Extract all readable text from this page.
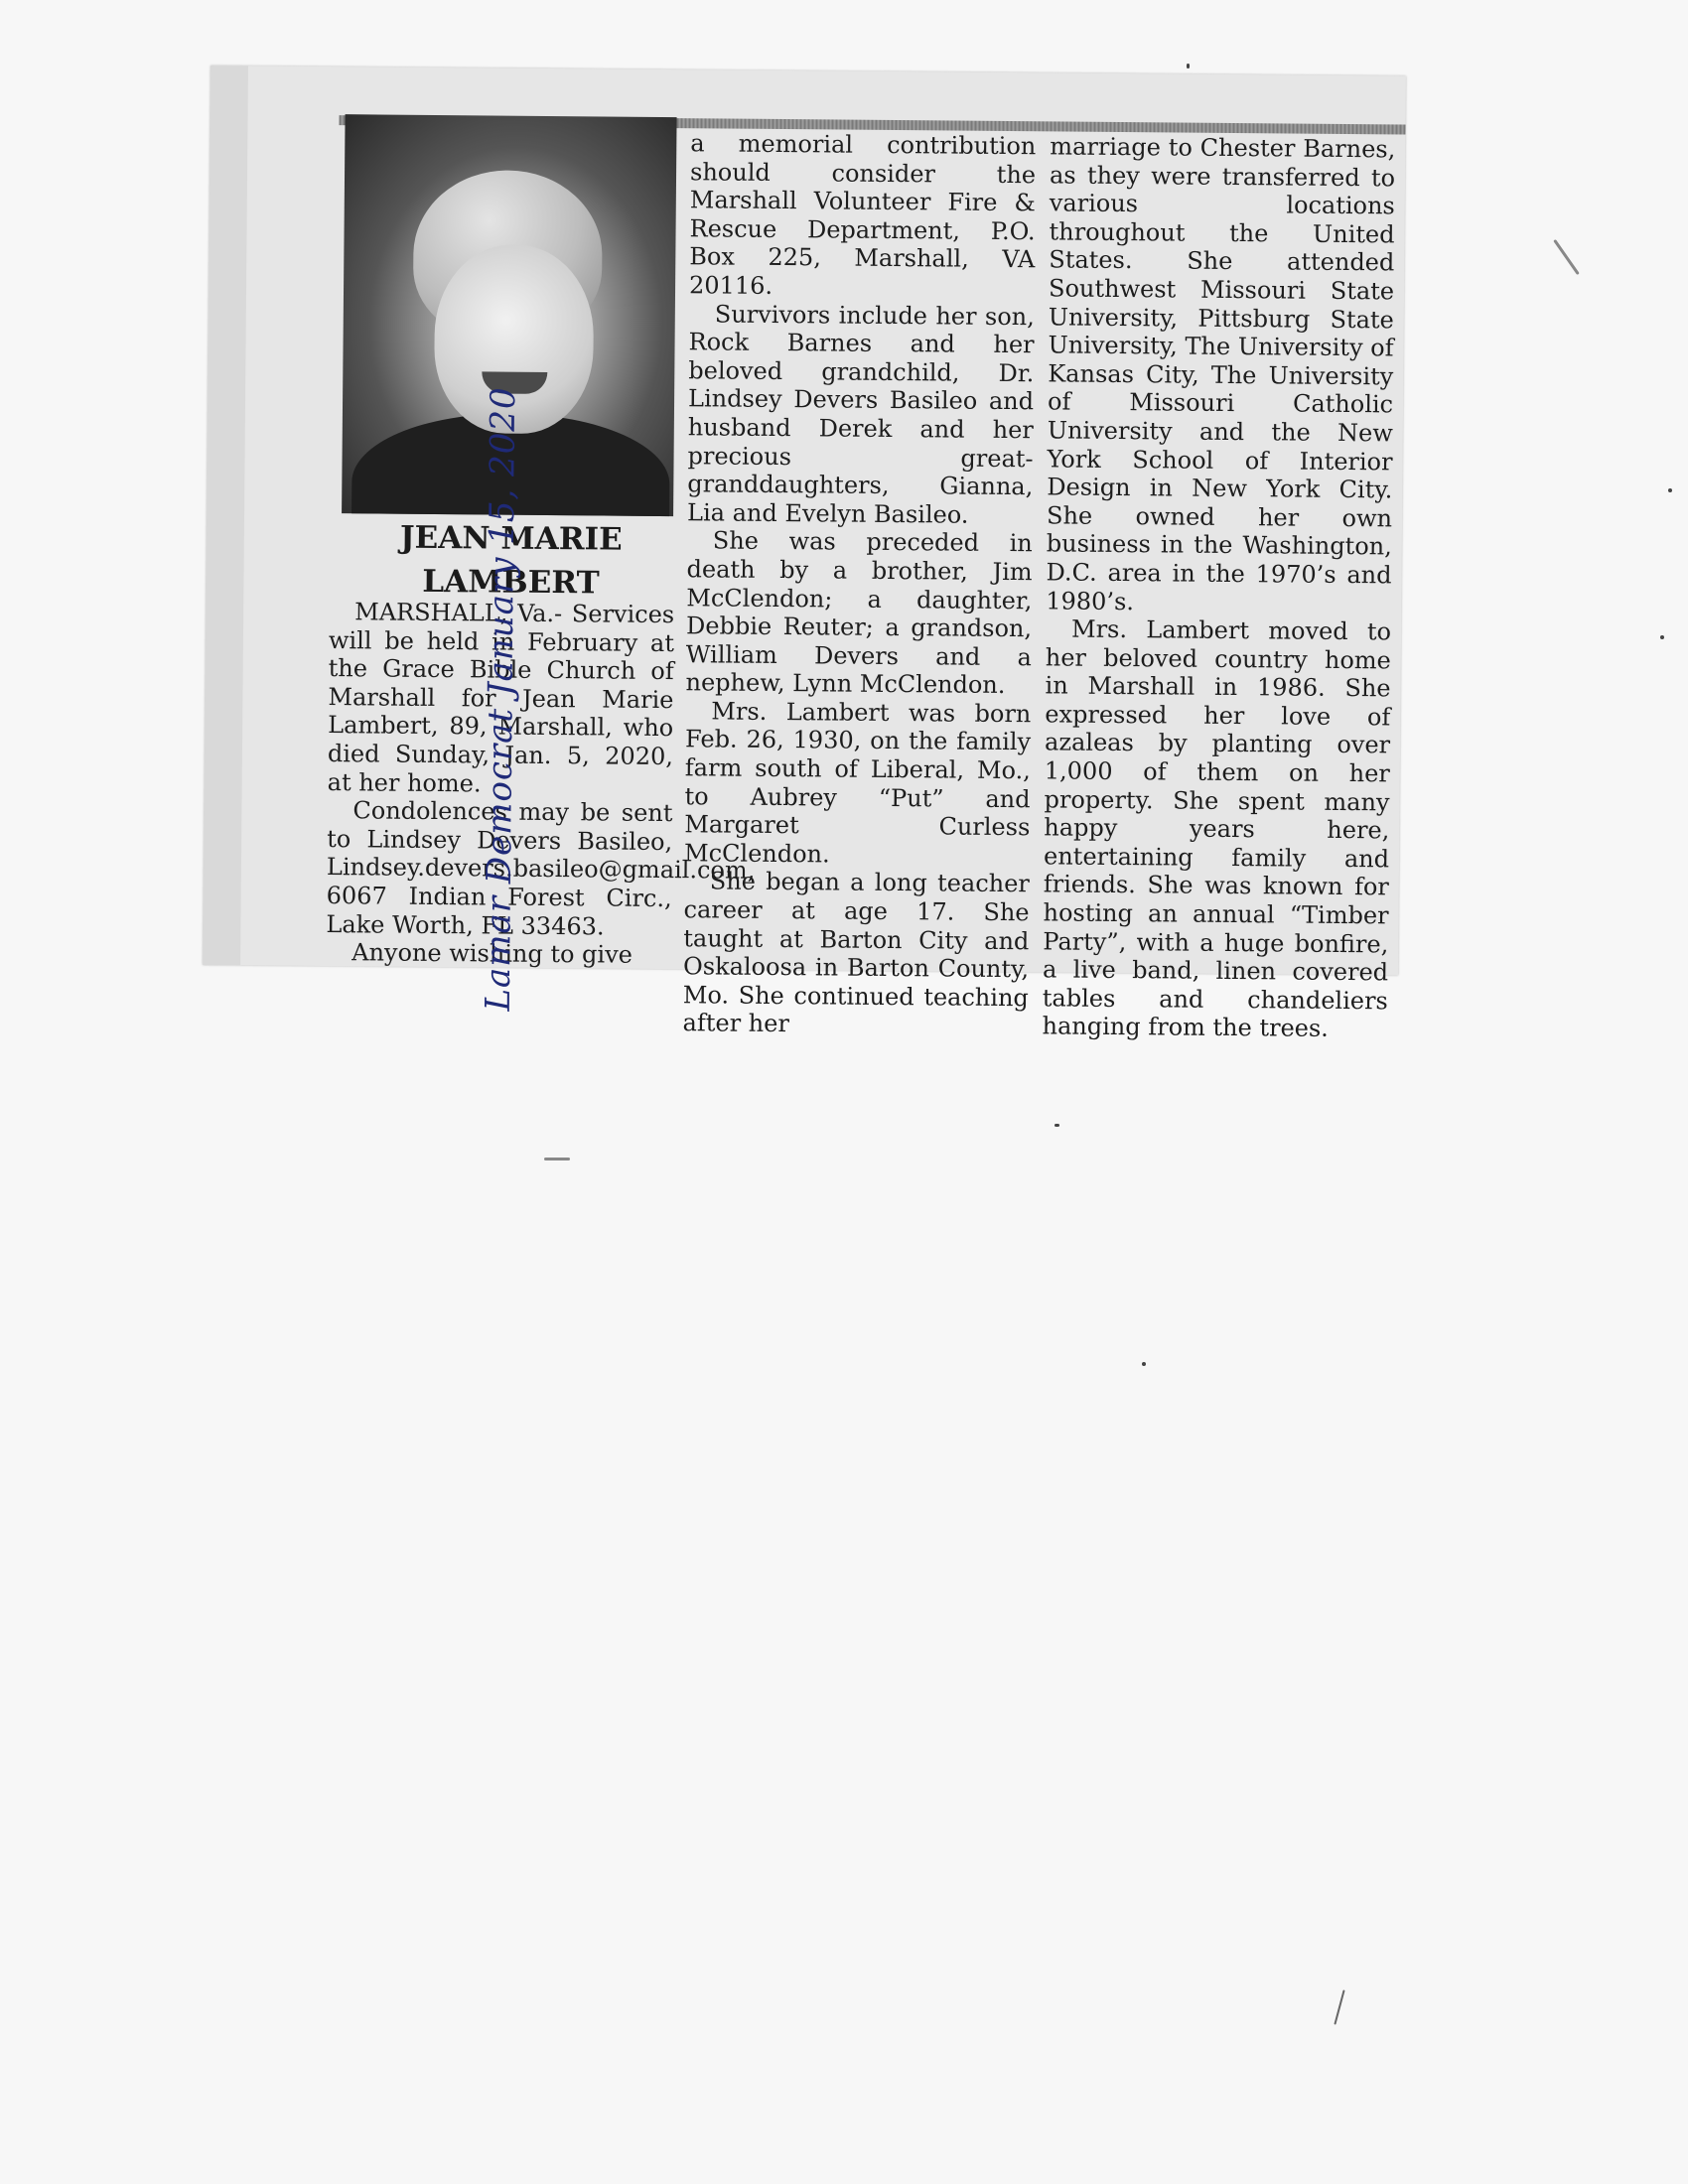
JEAN MARIE LAMBERT

MARSHALL, Va.- Services will be held in February at the Grace Bible Church of Marshall for Jean Marie Lambert, 89, Marshall, who died Sunday, Jan. 5, 2020, at her home.

Condolences may be sent to Lindsey Devers Basileo, Lindsey.devers.basileo@gmail.com, 6067 Indian Forest Circ., Lake Worth, FL 33463.

Anyone wishing to give

a memorial contribution should consider the Marshall Volunteer Fire & Rescue Department, P.O. Box 225, Marshall, VA 20116.

Survivors include her son, Rock Barnes and her beloved grandchild, Dr. Lindsey Devers Basileo and husband Derek and her precious great-granddaughters, Gianna, Lia and Evelyn Basileo.

She was preceded in death by a brother, Jim McClendon; a daughter, Debbie Reuter; a grandson, William Devers and a nephew, Lynn McClendon.

Mrs. Lambert was born Feb. 26, 1930, on the family farm south of Liberal, Mo., to Aubrey “Put” and Margaret Curless McClendon.

She began a long teacher career at age 17. She taught at Barton City and Oskaloosa in Barton County, Mo. She continued teaching after her

marriage to Chester Barnes, as they were transferred to various locations throughout the United States. She attended Southwest Missouri State University, Pittsburg State University, The University of Kansas City, The University of Missouri Catholic University and the New York School of Interior Design in New York City. She owned her own business in the Washington, D.C. area in the 1970’s and 1980’s.

Mrs. Lambert moved to her beloved country home in Marshall in 1986. She expressed her love of azaleas by planting over 1,000 of them on her property. She spent many happy years here, entertaining family and friends. She was known for hosting an annual “Timber Party”, with a huge bonfire, a live band, linen covered tables and chandeliers hanging from the trees.

Lamar Democrat January 15, 2020
